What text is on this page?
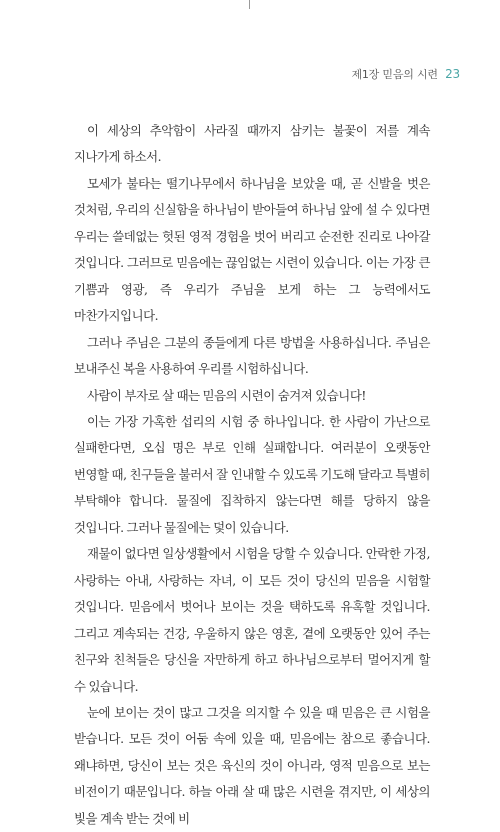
제1장 믿음의 시련 23

이 세상의 추악함이 사라질 때까지 삼키는 불꽃이 저를 계속 지나가게 하소서.

모세가 불타는 떨기나무에서 하나님을 보았을 때, 곧 신발을 벗은 것처럼, 우리의 신실함을 하나님이 받아들여 하나님 앞에 설 수 있다면 우리는 쓸데없는 헛된 영적 경험을 벗어 버리고 순전한 진리로 나아갈 것입니다. 그러므로 믿음에는 끊임없는 시련이 있습니다. 이는 가장 큰 기쁨과 영광, 즉 우리가 주님을 보게 하는 그 능력에서도 마찬가지입니다.

그러나 주님은 그분의 종들에게 다른 방법을 사용하십니다. 주님은 보내주신 복을 사용하여 우리를 시험하십니다.

사람이 부자로 살 때는 믿음의 시련이 숨겨져 있습니다!

이는 가장 가혹한 섭리의 시험 중 하나입니다. 한 사람이 가난으로 실패한다면, 오십 명은 부로 인해 실패합니다. 여러분이 오랫동안 번영할 때, 친구들을 불러서 잘 인내할 수 있도록 기도해 달라고 특별히 부탁해야 합니다. 물질에 집착하지 않는다면 해를 당하지 않을 것입니다. 그러나 물질에는 덫이 있습니다.

재물이 없다면 일상생활에서 시험을 당할 수 있습니다. 안락한 가정, 사랑하는 아내, 사랑하는 자녀, 이 모든 것이 당신의 믿음을 시험할 것입니다. 믿음에서 벗어나 보이는 것을 택하도록 유혹할 것입니다. 그리고 계속되는 건강, 우울하지 않은 영혼, 곁에 오랫동안 있어 주는 친구와 친척들은 당신을 자만하게 하고 하나님으로부터 멀어지게 할 수 있습니다.

눈에 보이는 것이 많고 그것을 의지할 수 있을 때 믿음은 큰 시험을 받습니다. 모든 것이 어둠 속에 있을 때, 믿음에는 참으로 좋습니다. 왜냐하면, 당신이 보는 것은 육신의 것이 아니라, 영적 믿음으로 보는 비전이기 때문입니다. 하늘 아래 살 때 많은 시련을 겪지만, 이 세상의 빛을 계속 받는 것에 비
